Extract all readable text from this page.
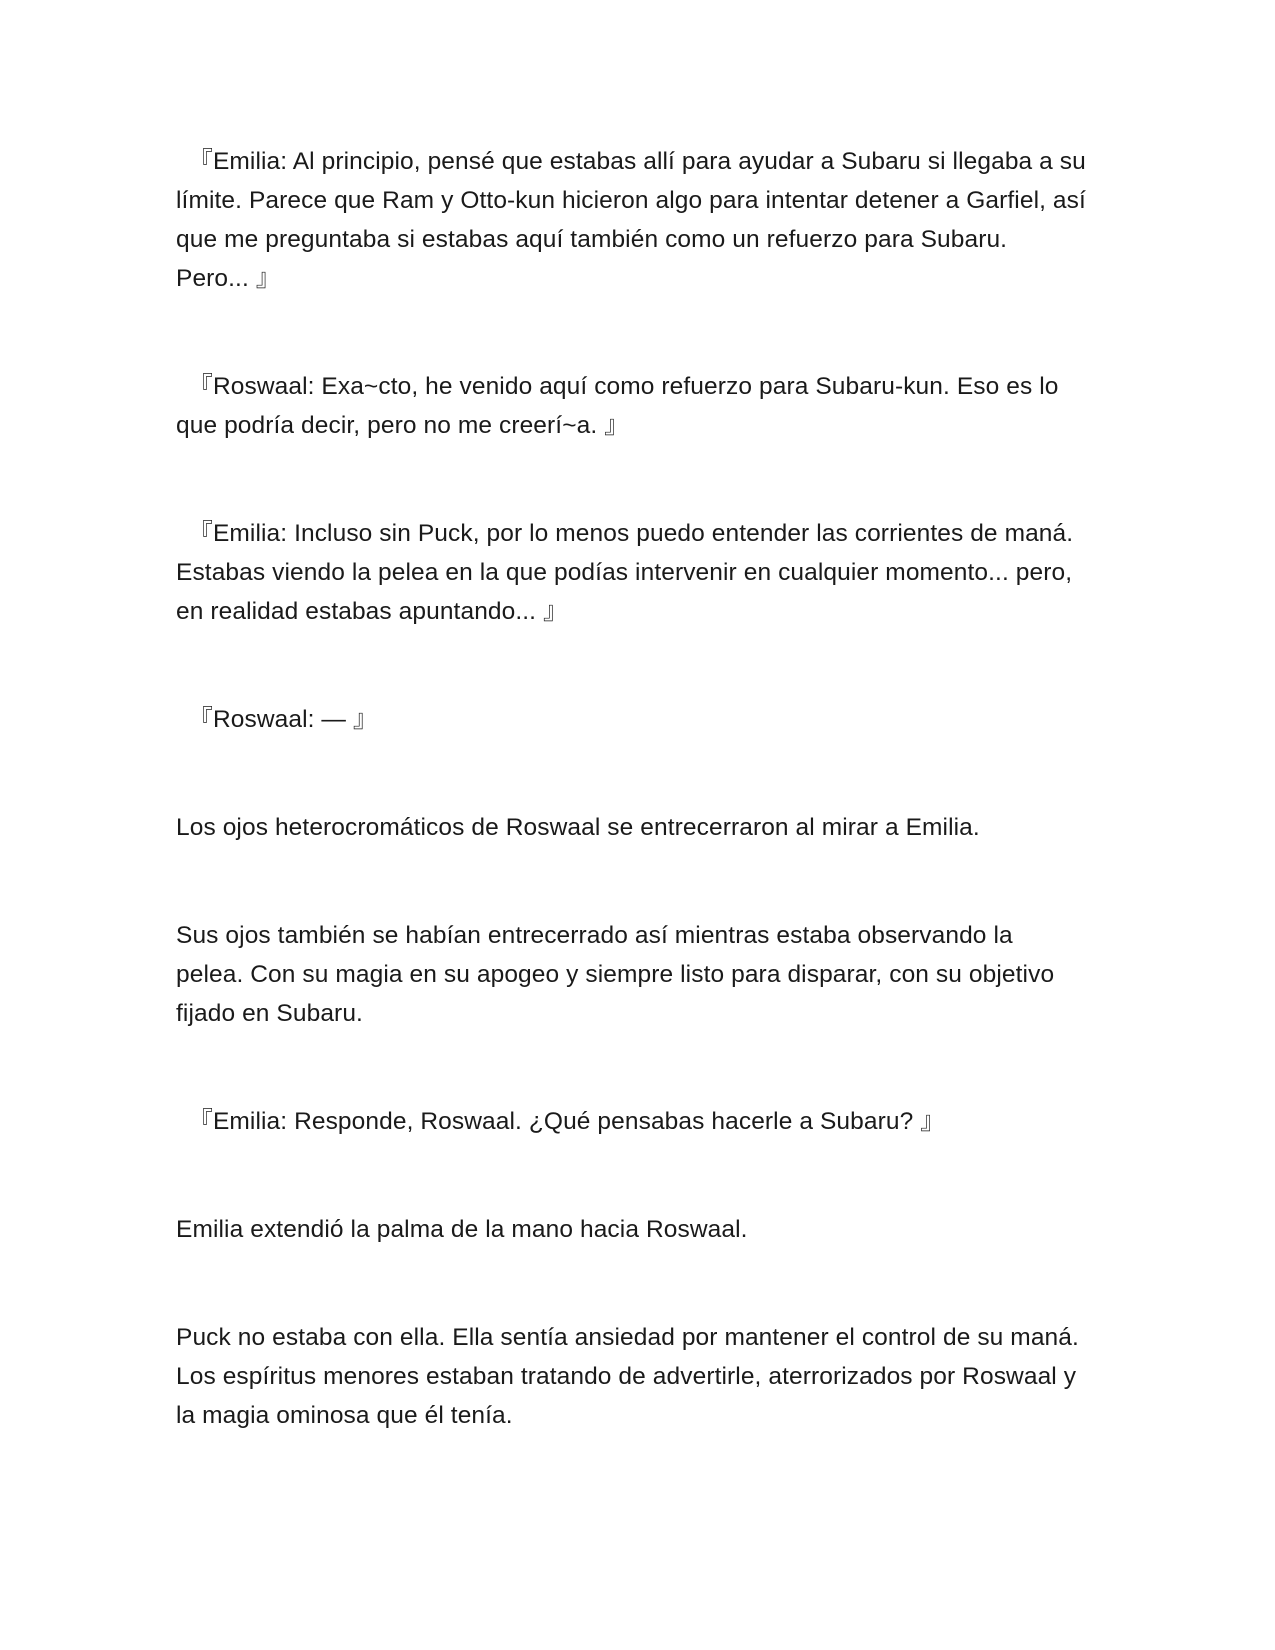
　『Emilia: Al principio, pensé que estabas allí para ayudar a Subaru si llegaba a su límite. Parece que Ram y Otto-kun hicieron algo para intentar detener a Garfiel, así que me preguntaba si estabas aquí también como un refuerzo para Subaru. Pero... 』

　『Roswaal: Exa~cto, he venido aquí como refuerzo para Subaru-kun. Eso es lo que podría decir, pero no me creerí~a. 』

　『Emilia: Incluso sin Puck, por lo menos puedo entender las corrientes de maná. Estabas viendo la pelea en la que podías intervenir en cualquier momento... pero, en realidad estabas apuntando... 』

　『Roswaal: — 』

Los ojos heterocromáticos de Roswaal se entrecerraron al mirar a Emilia.

Sus ojos también se habían entrecerrado así mientras estaba observando la pelea. Con su magia en su apogeo y siempre listo para disparar, con su objetivo fijado en Subaru.

　『Emilia: Responde, Roswaal. ¿Qué pensabas hacerle a Subaru? 』

Emilia extendió la palma de la mano hacia Roswaal.

Puck no estaba con ella. Ella sentía ansiedad por mantener el control de su maná. Los espíritus menores estaban tratando de advertirle, aterrorizados por Roswaal y la magia ominosa que él tenía.
